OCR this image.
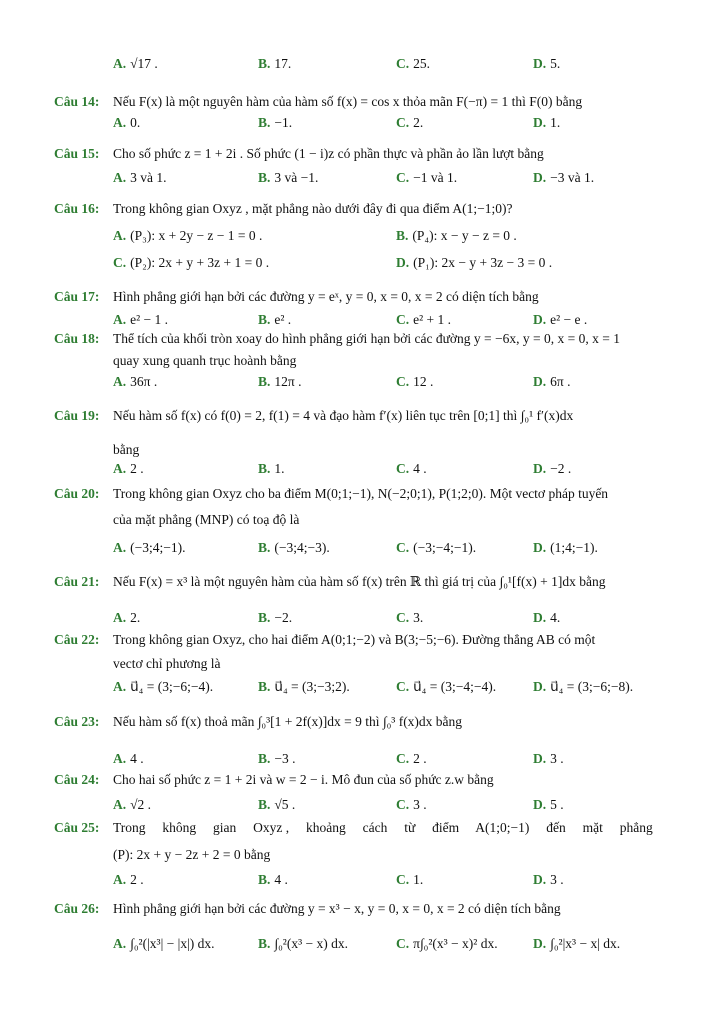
A. √17 .	B. 17.	C. 25.	D. 5.
Câu 14: Nếu F(x) là một nguyên hàm của hàm số f(x) = cos x thỏa mãn F(−π) = 1 thì F(0) bằng
A. 0.	B. −1.	C. 2.	D. 1.
Câu 15: Cho số phức z = 1 + 2i . Số phức (1 − i)z có phần thực và phần ảo lần lượt bằng
A. 3 và 1.	B. 3 và −1.	C. −1 và 1.	D. −3 và 1.
Câu 16: Trong không gian Oxyz , mặt phẳng nào dưới đây đi qua điểm A(1;−1;0)?
A. (P₃): x + 2y − z − 1 = 0 .	B. (P₄): x − y − z = 0 .
C. (P₂): 2x + y + 3z + 1 = 0 .	D. (P₁): 2x − y + 3z − 3 = 0 .
Câu 17: Hình phẳng giới hạn bởi các đường y = eˣ, y = 0, x = 0, x = 2 có diện tích bằng
A. e² − 1 .	B. e² .	C. e² + 1 .	D. e² − e .
Câu 18: Thể tích của khối tròn xoay do hình phẳng giới hạn bởi các đường y = −6x, y = 0, x = 0, x = 1
quay xung quanh trục hoành bằng
A. 36π .	B. 12π .	C. 12 .	D. 6π .
Câu 19: Nếu hàm số f(x) có f(0) = 2, f(1) = 4 và đạo hàm f′(x) liên tục trên [0;1] thì ∫₀¹ f′(x)dx
bằng
A. 2 .	B. 1.	C. 4 .	D. −2 .
Câu 20: Trong không gian Oxyz cho ba điểm M(0;1;−1), N(−2;0;1), P(1;2;0). Một vectơ pháp tuyến
của mặt phẳng (MNP) có toạ độ là
A. (−3;4;−1).	B. (−3;4;−3).	C. (−3;−4;−1).	D. (1;4;−1).
Câu 21: Nếu F(x) = x³ là một nguyên hàm của hàm số f(x) trên ℝ thì giá trị của ∫₀¹[f(x) + 1]dx bằng
A. 2.	B. −2.	C. 3.	D. 4.
Câu 22: Trong không gian Oxyz, cho hai điểm A(0;1;−2) và B(3;−5;−6). Đường thẳng AB có một
vectơ chỉ phương là
A. u⃗₄ = (3;−6;−4).	B. u⃗₄ = (3;−3;2).	C. u⃗₄ = (3;−4;−4).	D. u⃗₄ = (3;−6;−8).
Câu 23: Nếu hàm số f(x) thoả mãn ∫₀³[1 + 2f(x)]dx = 9 thì ∫₀³ f(x)dx bằng
A. 4 .	B. −3 .	C. 2 .	D. 3 .
Câu 24: Cho hai số phức z = 1 + 2i và w = 2 − i. Mô đun của số phức z.w bằng
A. √2 .	B. √5 .	C. 3 .	D. 5 .
Câu 25: Trong     không     gian     Oxyz ,     khoảng     cách     từ     điểm     A(1;0;−1)     đến     mặt     phẳng
(P): 2x + y − 2z + 2 = 0 bằng
A. 2 .	B. 4 .	C. 1.	D. 3 .
Câu 26: Hình phẳng giới hạn bởi các đường y = x³ − x, y = 0, x = 0, x = 2 có diện tích bằng
A. ∫₀²(|x³| − |x|) dx.	B. ∫₀²(x³ − x) dx.	C. π∫₀²(x³ − x)² dx.	D. ∫₀²|x³ − x| dx.
